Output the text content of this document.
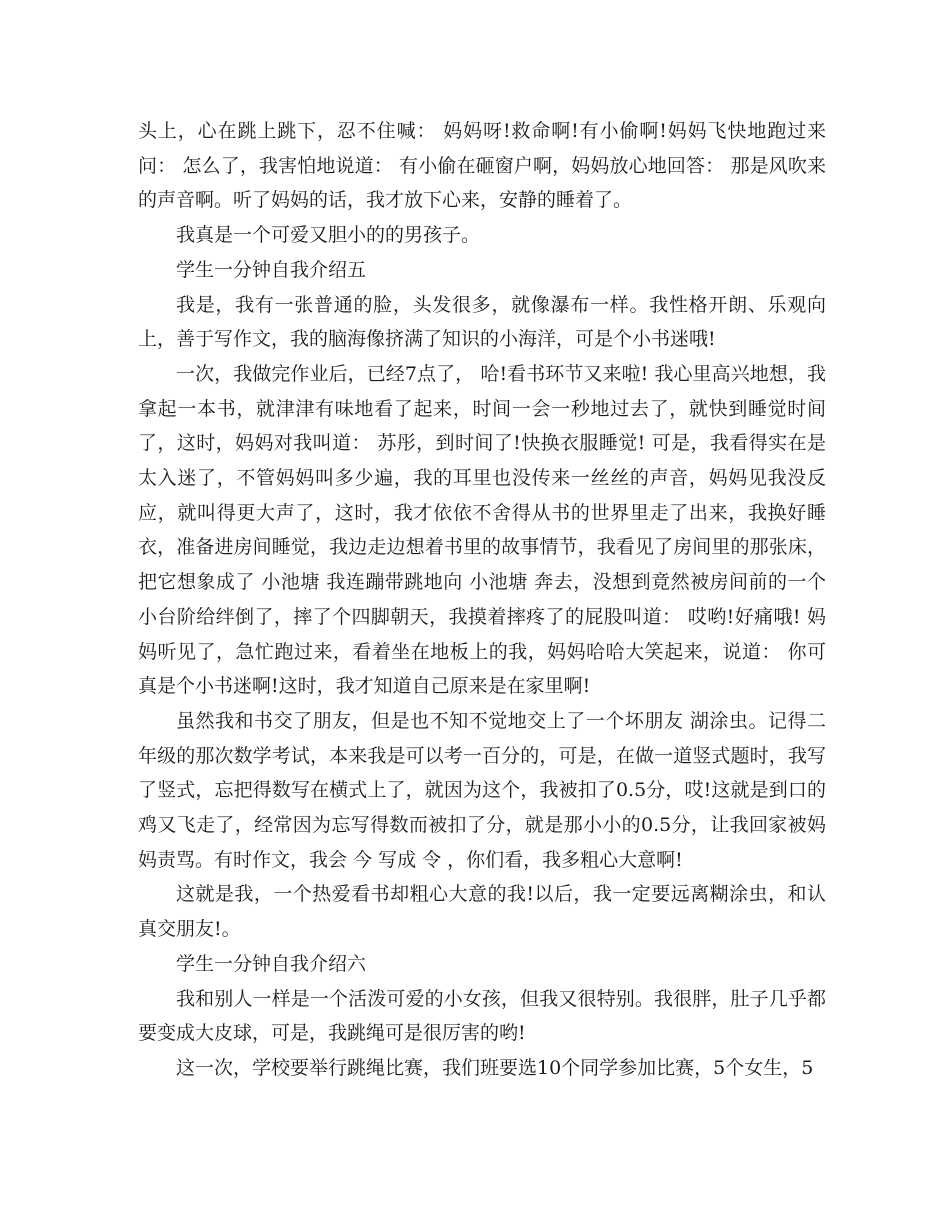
头上，心在跳上跳下，忍不住喊： 妈妈呀!救命啊!有小偷啊!妈妈飞快地跑过来问： 怎么了，我害怕地说道： 有小偷在砸窗户啊，妈妈放心地回答： 那是风吹来的声音啊。听了妈妈的话，我才放下心来，安静的睡着了。

我真是一个可爱又胆小的的男孩子。

学生一分钟自我介绍五

我是，我有一张普通的脸，头发很多，就像瀑布一样。我性格开朗、乐观向上，善于写作文，我的脑海像挤满了知识的小海洋，可是个小书迷哦!

一次，我做完作业后，已经7点了， 哈!看书环节又来啦! 我心里高兴地想，我拿起一本书，就津津有味地看了起来，时间一会一秒地过去了，就快到睡觉时间了，这时，妈妈对我叫道： 苏彤，到时间了!快换衣服睡觉! 可是，我看得实在是太入迷了，不管妈妈叫多少遍，我的耳里也没传来一丝丝的声音，妈妈见我没反应，就叫得更大声了，这时，我才依依不舍得从书的世界里走了出来，我换好睡衣，准备进房间睡觉，我边走边想着书里的故事情节，我看见了房间里的那张床，把它想象成了 小池塘 我连蹦带跳地向 小池塘 奔去，没想到竟然被房间前的一个小台阶给绊倒了，摔了个四脚朝天，我摸着摔疼了的屁股叫道： 哎哟!好痛哦! 妈妈听见了，急忙跑过来，看着坐在地板上的我，妈妈哈哈大笑起来，说道： 你可真是个小书迷啊!这时，我才知道自己原来是在家里啊!

虽然我和书交了朋友，但是也不知不觉地交上了一个坏朋友 湖涂虫。记得二年级的那次数学考试，本来我是可以考一百分的，可是，在做一道竖式题时，我写了竖式，忘把得数写在横式上了，就因为这个，我被扣了0.5分，哎!这就是到口的鸡又飞走了，经常因为忘写得数而被扣了分，就是那小小的0.5分，让我回家被妈妈责骂。有时作文，我会 今 写成 令 ，你们看，我多粗心大意啊!

这就是我，一个热爱看书却粗心大意的我!以后，我一定要远离糊涂虫，和认真交朋友!。

学生一分钟自我介绍六

我和别人一样是一个活泼可爱的小女孩，但我又很特别。我很胖，肚子几乎都要变成大皮球，可是，我跳绳可是很厉害的哟!

这一次，学校要举行跳绳比赛，我们班要选10个同学参加比赛，5个女生，5
